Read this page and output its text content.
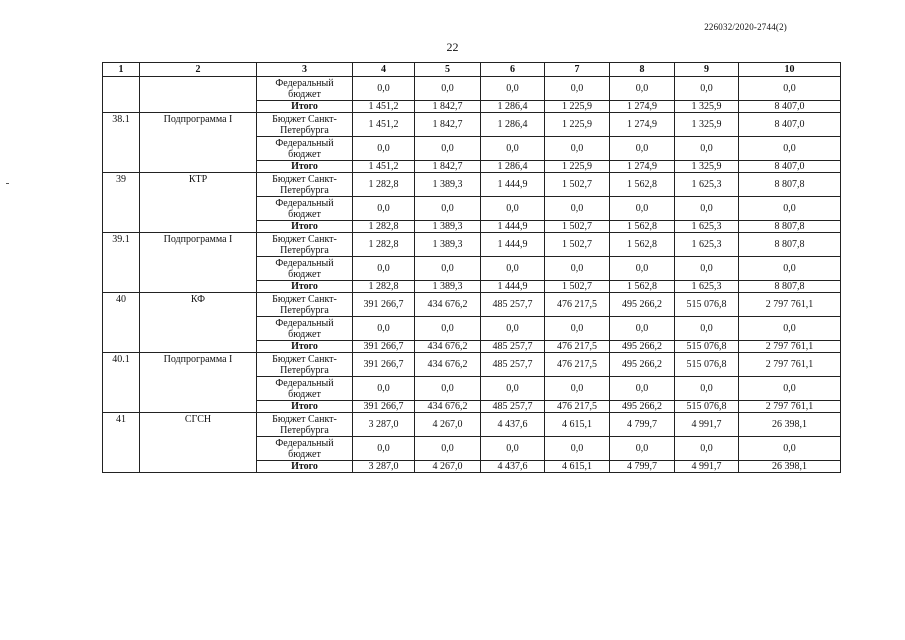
226032/2020-2744(2)
22
1	2	3	4	5	6	7	8	9	10
		Федеральный бюджет	0,0	0,0	0,0	0,0	0,0	0,0	0,0
		Итого	1 451,2	1 842,7	1 286,4	1 225,9	1 274,9	1 325,9	8 407,0
38.1	Подпрограмма I	Бюджет Санкт-Петербурга	1 451,2	1 842,7	1 286,4	1 225,9	1 274,9	1 325,9	8 407,0
		Федеральный бюджет	0,0	0,0	0,0	0,0	0,0	0,0	0,0
		Итого	1 451,2	1 842,7	1 286,4	1 225,9	1 274,9	1 325,9	8 407,0
39	КТР	Бюджет Санкт-Петербурга	1 282,8	1 389,3	1 444,9	1 502,7	1 562,8	1 625,3	8 807,8
		Федеральный бюджет	0,0	0,0	0,0	0,0	0,0	0,0	0,0
		Итого	1 282,8	1 389,3	1 444,9	1 502,7	1 562,8	1 625,3	8 807,8
39.1	Подпрограмма I	Бюджет Санкт-Петербурга	1 282,8	1 389,3	1 444,9	1 502,7	1 562,8	1 625,3	8 807,8
		Федеральный бюджет	0,0	0,0	0,0	0,0	0,0	0,0	0,0
		Итого	1 282,8	1 389,3	1 444,9	1 502,7	1 562,8	1 625,3	8 807,8
40	КФ	Бюджет Санкт-Петербурга	391 266,7	434 676,2	485 257,7	476 217,5	495 266,2	515 076,8	2 797 761,1
		Федеральный бюджет	0,0	0,0	0,0	0,0	0,0	0,0	0,0
		Итого	391 266,7	434 676,2	485 257,7	476 217,5	495 266,2	515 076,8	2 797 761,1
40.1	Подпрограмма I	Бюджет Санкт-Петербурга	391 266,7	434 676,2	485 257,7	476 217,5	495 266,2	515 076,8	2 797 761,1
		Федеральный бюджет	0,0	0,0	0,0	0,0	0,0	0,0	0,0
		Итого	391 266,7	434 676,2	485 257,7	476 217,5	495 266,2	515 076,8	2 797 761,1
41	СГСН	Бюджет Санкт-Петербурга	3 287,0	4 267,0	4 437,6	4 615,1	4 799,7	4 991,7	26 398,1
		Федеральный бюджет	0,0	0,0	0,0	0,0	0,0	0,0	0,0
		Итого	3 287,0	4 267,0	4 437,6	4 615,1	4 799,7	4 991,7	26 398,1
